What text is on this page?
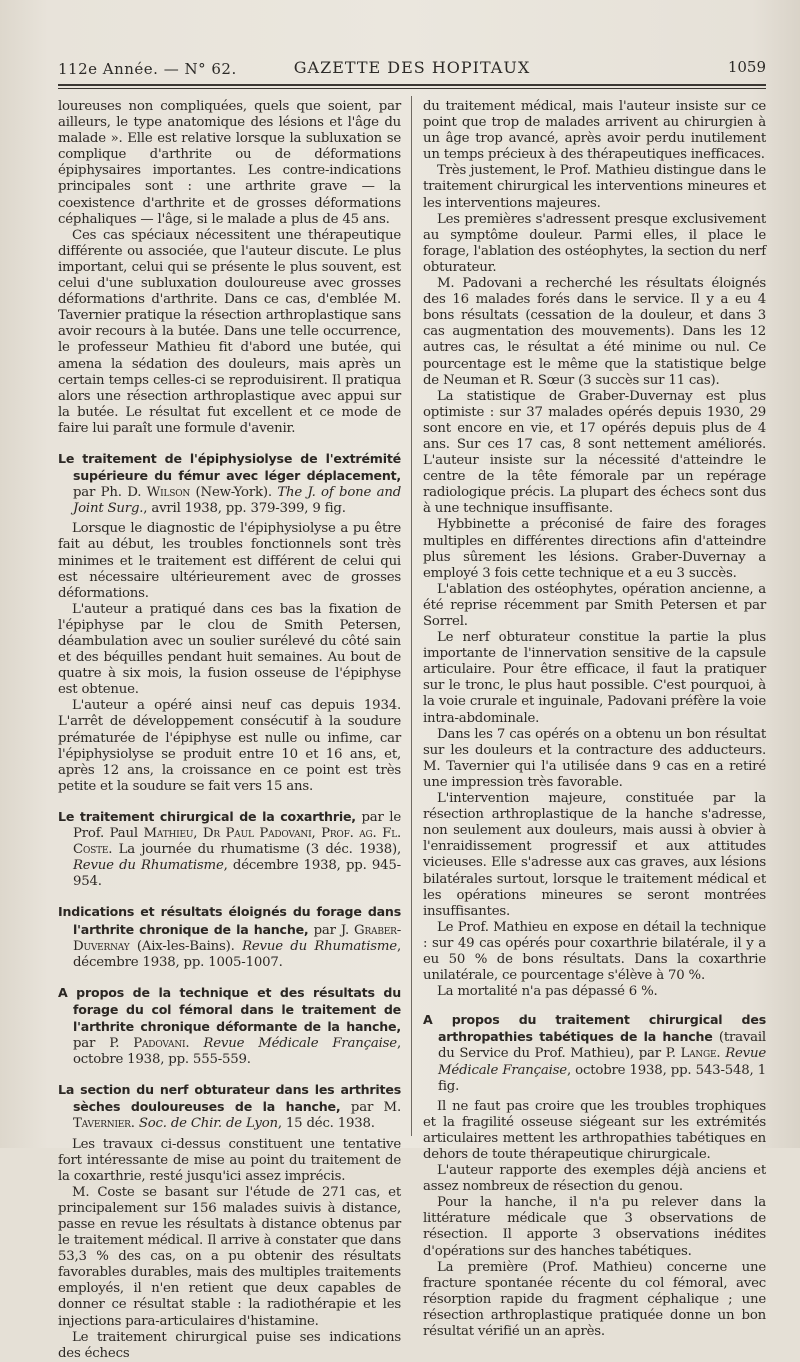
112e Année. — N° 62.	GAZETTE DES HOPITAUX	1059

loureuses non compliquées, quels que soient, par ailleurs, le type anatomique des lésions et l'âge du malade ». Elle est relative lorsque la subluxation se complique d'arthrite ou de déformations épiphysaires importantes. Les contre-indications principales sont : une arthrite grave — la coexistence d'arthrite et de grosses déformations céphaliques — l'âge, si le malade a plus de 45 ans.

Ces cas spéciaux nécessitent une thérapeutique différente ou associée, que l'auteur discute. Le plus important, celui qui se présente le plus souvent, est celui d'une subluxation douloureuse avec grosses déformations d'arthrite. Dans ce cas, d'emblée M. Tavernier pratique la résection arthroplastique sans avoir recours à la butée. Dans une telle occurrence, le professeur Mathieu fit d'abord une butée, qui amena la sédation des douleurs, mais après un certain temps celles-ci se reproduisirent. Il pratiqua alors une résection arthroplastique avec appui sur la butée. Le résultat fut excellent et ce mode de faire lui paraît une formule d'avenir.

Le traitement de l'épiphysiolyse de l'extrémité supérieure du fémur avec léger déplacement, par Ph. D. Wilson (New-York). The J. of bone and Joint Surg., avril 1938, pp. 379-399, 9 fig.

Lorsque le diagnostic de l'épiphysiolyse a pu être fait au début, les troubles fonctionnels sont très minimes et le traitement est différent de celui qui est nécessaire ultérieurement avec de grosses déformations.

L'auteur a pratiqué dans ces bas la fixation de l'épiphyse par le clou de Smith Petersen, déambulation avec un soulier surélevé du côté sain et des béquilles pendant huit semaines. Au bout de quatre à six mois, la fusion osseuse de l'épiphyse est obtenue.

L'auteur a opéré ainsi neuf cas depuis 1934. L'arrêt de développement consécutif à la soudure prématurée de l'épiphyse est nulle ou infime, car l'épiphysiolyse se produit entre 10 et 16 ans, et, après 12 ans, la croissance en ce point est très petite et la soudure se fait vers 15 ans.

Le traitement chirurgical de la coxarthrie, par le Prof. Paul Mathieu, Dr Paul Padovani, Prof. ag. Fl. Coste. La journée du rhumatisme (3 déc. 1938), Revue du Rhumatisme, décembre 1938, pp. 945-954.

Indications et résultats éloignés du forage dans l'arthrite chronique de la hanche, par J. Graber-Duvernay (Aix-les-Bains). Revue du Rhumatisme, décembre 1938, pp. 1005-1007.

A propos de la technique et des résultats du forage du col fémoral dans le traitement de l'arthrite chronique déformante de la hanche, par P. Padovani. Revue Médicale Française, octobre 1938, pp. 555-559.

La section du nerf obturateur dans les arthrites sèches douloureuses de la hanche, par M. Tavernier. Soc. de Chir. de Lyon, 15 déc. 1938.

Les travaux ci-dessus constituent une tentative fort intéressante de mise au point du traitement de la coxarthrie, resté jusqu'ici assez imprécis.

M. Coste se basant sur l'étude de 271 cas, et principalement sur 156 malades suivis à distance, passe en revue les résultats à distance obtenus par le traitement médical. Il arrive à constater que dans 53,3 % des cas, on a pu obtenir des résultats favorables durables, mais des multiples traitements employés, il n'en retient que deux capables de donner ce résultat stable : la radiothérapie et les injections para-articulaires d'histamine.

Le traitement chirurgical puise ses indications des échecs

du traitement médical, mais l'auteur insiste sur ce point que trop de malades arrivent au chirurgien à un âge trop avancé, après avoir perdu inutilement un temps précieux à des thérapeutiques inefficaces.

Très justement, le Prof. Mathieu distingue dans le traitement chirurgical les interventions mineures et les interventions majeures.

Les premières s'adressent presque exclusivement au symptôme douleur. Parmi elles, il place le forage, l'ablation des ostéophytes, la section du nerf obturateur.

M. Padovani a recherché les résultats éloignés des 16 malades forés dans le service. Il y a eu 4 bons résultats (cessation de la douleur, et dans 3 cas augmentation des mouvements). Dans les 12 autres cas, le résultat a été minime ou nul. Ce pourcentage est le même que la statistique belge de Neuman et R. Sœur (3 succès sur 11 cas).

La statistique de Graber-Duvernay est plus optimiste : sur 37 malades opérés depuis 1930, 29 sont encore en vie, et 17 opérés depuis plus de 4 ans. Sur ces 17 cas, 8 sont nettement améliorés. L'auteur insiste sur la nécessité d'atteindre le centre de la tête fémorale par un repérage radiologique précis. La plupart des échecs sont dus à une technique insuffisante.

Hybbinette a préconisé de faire des forages multiples en différentes directions afin d'atteindre plus sûrement les lésions. Graber-Duvernay a employé 3 fois cette technique et a eu 3 succès.

L'ablation des ostéophytes, opération ancienne, a été reprise récemment par Smith Petersen et par Sorrel.

Le nerf obturateur constitue la partie la plus importante de l'innervation sensitive de la capsule articulaire. Pour être efficace, il faut la pratiquer sur le tronc, le plus haut possible. C'est pourquoi, à la voie crurale et inguinale, Padovani préfère la voie intra-abdominale.

Dans les 7 cas opérés on a obtenu un bon résultat sur les douleurs et la contracture des adducteurs. M. Tavernier qui l'a utilisée dans 9 cas en a retiré une impression très favorable.

L'intervention majeure, constituée par la résection arthroplastique de la hanche s'adresse, non seulement aux douleurs, mais aussi à obvier à l'enraidissement progressif et aux attitudes vicieuses. Elle s'adresse aux cas graves, aux lésions bilatérales surtout, lorsque le traitement médical et les opérations mineures se seront montrées insuffisantes.

Le Prof. Mathieu en expose en détail la technique : sur 49 cas opérés pour coxarthrie bilatérale, il y a eu 50 % de bons résultats. Dans la coxarthrie unilatérale, ce pourcentage s'élève à 70 %.

La mortalité n'a pas dépassé 6 %.

A propos du traitement chirurgical des arthropathies tabétiques de la hanche (travail du Service du Prof. Mathieu), par P. Lange. Revue Médicale Française, octobre 1938, pp. 543-548, 1 fig.

Il ne faut pas croire que les troubles trophiques et la fragilité osseuse siégeant sur les extrémités articulaires mettent les arthropathies tabétiques en dehors de toute thérapeutique chirurgicale.

L'auteur rapporte des exemples déjà anciens et assez nombreux de résection du genou.

Pour la hanche, il n'a pu relever dans la littérature médicale que 3 observations de résection. Il apporte 3 observations inédites d'opérations sur des hanches tabétiques.

La première (Prof. Mathieu) concerne une fracture spontanée récente du col fémoral, avec résorption rapide du fragment céphalique ; une résection arthroplastique pratiquée donne un bon résultat vérifié un an après.
